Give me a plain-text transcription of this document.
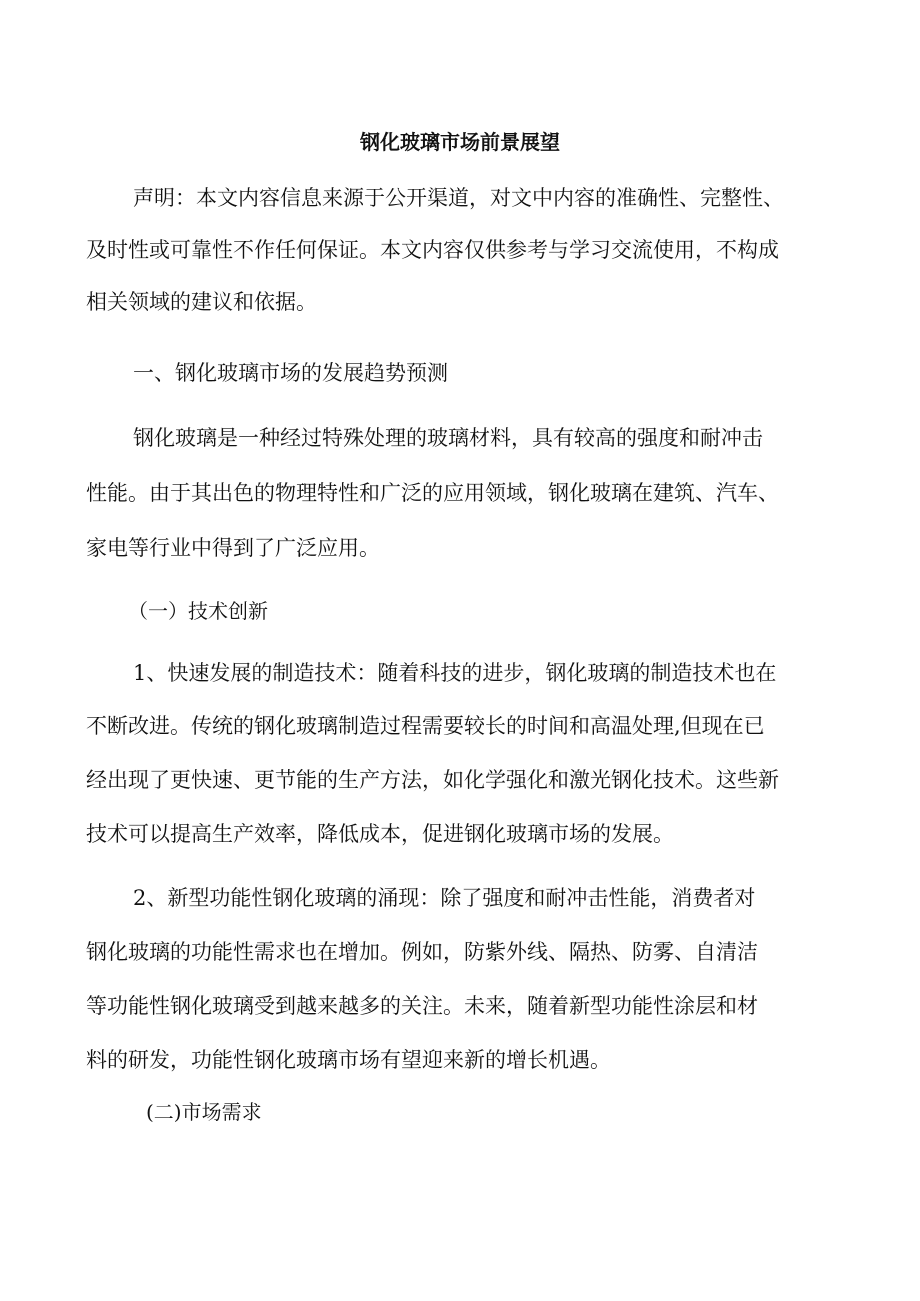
钢化玻璃市场前景展望

声明：本文内容信息来源于公开渠道，对文中内容的准确性、完整性、

及时性或可靠性不作任何保证。本文内容仅供参考与学习交流使用，不构成

相关领域的建议和依据。

一、钢化玻璃市场的发展趋势预测

钢化玻璃是一种经过特殊处理的玻璃材料，具有较高的强度和耐冲击

性能。由于其出色的物理特性和广泛的应用领域，钢化玻璃在建筑、汽车、

家电等行业中得到了广泛应用。

（一）技术创新

1、快速发展的制造技术：随着科技的进步，钢化玻璃的制造技术也在

不断改进。传统的钢化玻璃制造过程需要较长的时间和高温处理,但现在已

经出现了更快速、更节能的生产方法，如化学强化和激光钢化技术。这些新

技术可以提高生产效率，降低成本，促进钢化玻璃市场的发展。

2、新型功能性钢化玻璃的涌现：除了强度和耐冲击性能，消费者对

钢化玻璃的功能性需求也在增加。例如，防紫外线、隔热、防雾、自清洁

等功能性钢化玻璃受到越来越多的关注。未来，随着新型功能性涂层和材

料的研发，功能性钢化玻璃市场有望迎来新的增长机遇。

(二)市场需求
